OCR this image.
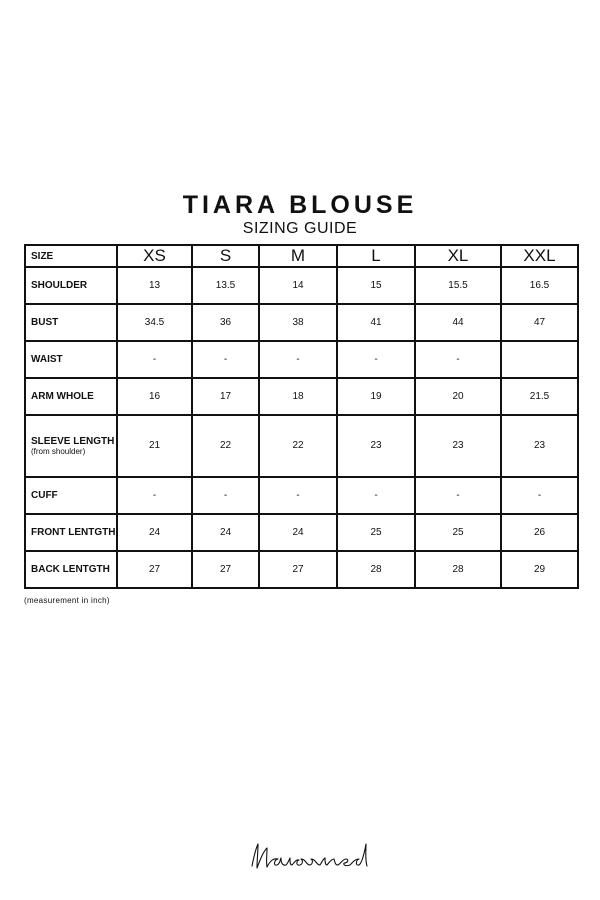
TIARA BLOUSE
SIZING GUIDE
SIZE	XS	S	M	L	XL	XXL

SHOULDER	13	13.5	14	15	15.5	16.5

BUST	34.5	36	38	41	44	47

WAIST	-	-	-	-	-	

ARM WHOLE	16	17	18	19	20	21.5

SLEEVE LENGTH
(from shoulder)	21	22	22	23	23	23

CUFF	-	-	-	-	-	-

FRONT LENTGTH	24	24	24	25	25	26

BACK LENTGTH	27	27	27	28	28	29
(measurement in inch)
